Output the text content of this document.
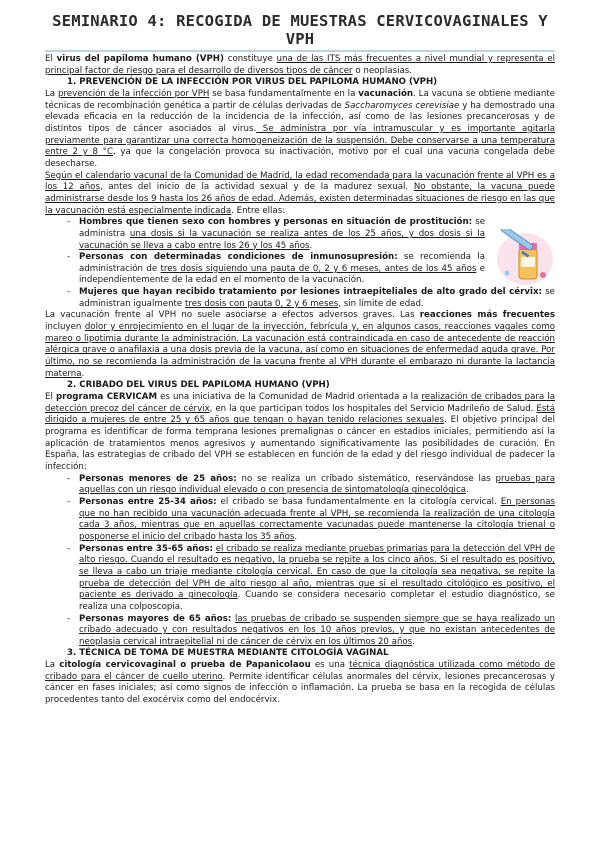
SEMINARIO 4: RECOGIDA DE MUESTRAS CERVICOVAGINALES Y VPH

El virus del papiloma humano (VPH) constituye una de las ITS más frecuentes a nivel mundial y representa el principal factor de riesgo para el desarrollo de diversos tipos de cáncer o neoplasias.

1. PREVENCIÓN DE LA INFECCIÓN POR VIRUS DEL PAPILOMA HUMANO (VPH)

La prevención de la infección por VPH se basa fundamentalmente en la vacunación. La vacuna se obtiene mediante técnicas de recombinación genética a partir de células derivadas de Saccharomyces cerevisiae y ha demostrado una elevada eficacia en la reducción de la incidencia de la infección, así como de las lesiones precancerosas y de distintos tipos de cáncer asociados al virus. Se administra por vía intramuscular y es importante agitarla previamente para garantizar una correcta homogeneización de la suspensión. Debe conservarse a una temperatura entre 2 y 8 °C, ya que la congelación provoca su inactivación, motivo por el cual una vacuna congelada debe desecharse.

Según el calendario vacunal de la Comunidad de Madrid, la edad recomendada para la vacunación frente al VPH es a los 12 años, antes del inicio de la actividad sexual y de la madurez sexual. No obstante, la vacuna puede administrarse desde los 9 hasta los 26 años de edad. Además, existen determinadas situaciones de riesgo en las que la vacunación está especialmente indicada. Entre ellas:

- Hombres que tienen sexo con hombres y personas en situación de prostitución: se administra una dosis si la vacunación se realiza antes de los 25 años, y dos dosis si la vacunación se lleva a cabo entre los 26 y los 45 años.
- Personas con determinadas condiciones de inmunosupresión: se recomienda la administración de tres dosis siguiendo una pauta de 0, 2 y 6 meses, antes de los 45 años e independientemente de la edad en el momento de la vacunación.
- Mujeres que hayan recibido tratamiento por lesiones intraepiteliales de alto grado del cérvix: se administran igualmente tres dosis con pauta 0, 2 y 6 meses, sin límite de edad.

La vacunación frente al VPH no suele asociarse a efectos adversos graves. Las reacciones más frecuentes incluyen dolor y enrojecimiento en el lugar de la inyección, febrícula y, en algunos casos, reacciones vagales como mareo o lipotimia durante la administración. La vacunación está contraindicada en caso de antecedente de reacción alérgica grave o anafilaxia a una dosis previa de la vacuna, así como en situaciones de enfermedad aguda grave. Por último, no se recomienda la administración de la vacuna frente al VPH durante el embarazo ni durante la lactancia materna.

2. CRIBADO DEL VIRUS DEL PAPILOMA HUMANO (VPH)

El programa CERVICAM es una iniciativa de la Comunidad de Madrid orientada a la realización de cribados para la detección precoz del cáncer de cérvix, en la que participan todos los hospitales del Servicio Madrileño de Salud. Está dirigido a mujeres de entre 25 y 65 años que tengan o hayan tenido relaciones sexuales. El objetivo principal del programa es identificar de forma temprana lesiones premalignas o cáncer en estadios iniciales, permitiendo así la aplicación de tratamientos menos agresivos y aumentando significativamente las posibilidades de curación. En España, las estrategias de cribado del VPH se establecen en función de la edad y del riesgo individual de padecer la infección:

- Personas menores de 25 años: no se realiza un cribado sistemático, reservándose las pruebas para aquellas con un riesgo individual elevado o con presencia de sintomatología ginecológica.
- Personas entre 25-34 años: el cribado se basa fundamentalmente en la citología cervical. En personas que no han recibido una vacunación adecuada frente al VPH, se recomienda la realización de una citología cada 3 años, mientras que en aquellas correctamente vacunadas puede mantenerse la citología trienal o posponerse el inicio del cribado hasta los 35 años.
- Personas entre 35-65 años: el cribado se realiza mediante pruebas primarias para la detección del VPH de alto riesgo. Cuando el resultado es negativo, la prueba se repite a los cinco años. Si el resultado es positivo, se lleva a cabo un triaje mediante citología cervical. En caso de que la citología sea negativa, se repite la prueba de detección del VPH de alto riesgo al año, mientras que si el resultado citológico es positivo, el paciente es derivado a ginecología. Cuando se considera necesario completar el estudio diagnóstico, se realiza una colposcopia.
- Personas mayores de 65 años: las pruebas de cribado se suspenden siempre que se haya realizado un cribado adecuado y con resultados negativos en los 10 años previos, y que no existan antecedentes de neoplasia cervical intraepitelial ni de cáncer de cérvix en los últimos 20 años.
3. TÉCNICA DE TOMA DE MUESTRA MEDIANTE CITOLOGÍA VAGINAL

La citología cervicovaginal o prueba de Papanicolaou es una técnica diagnóstica utilizada como método de cribado para el cáncer de cuello uterino. Permite identificar células anormales del cérvix, lesiones precancerosas y cáncer en fases iniciales; así como signos de infección o inflamación. La prueba se basa en la recogida de células procedentes tanto del exocérvix como del endocérvix.
